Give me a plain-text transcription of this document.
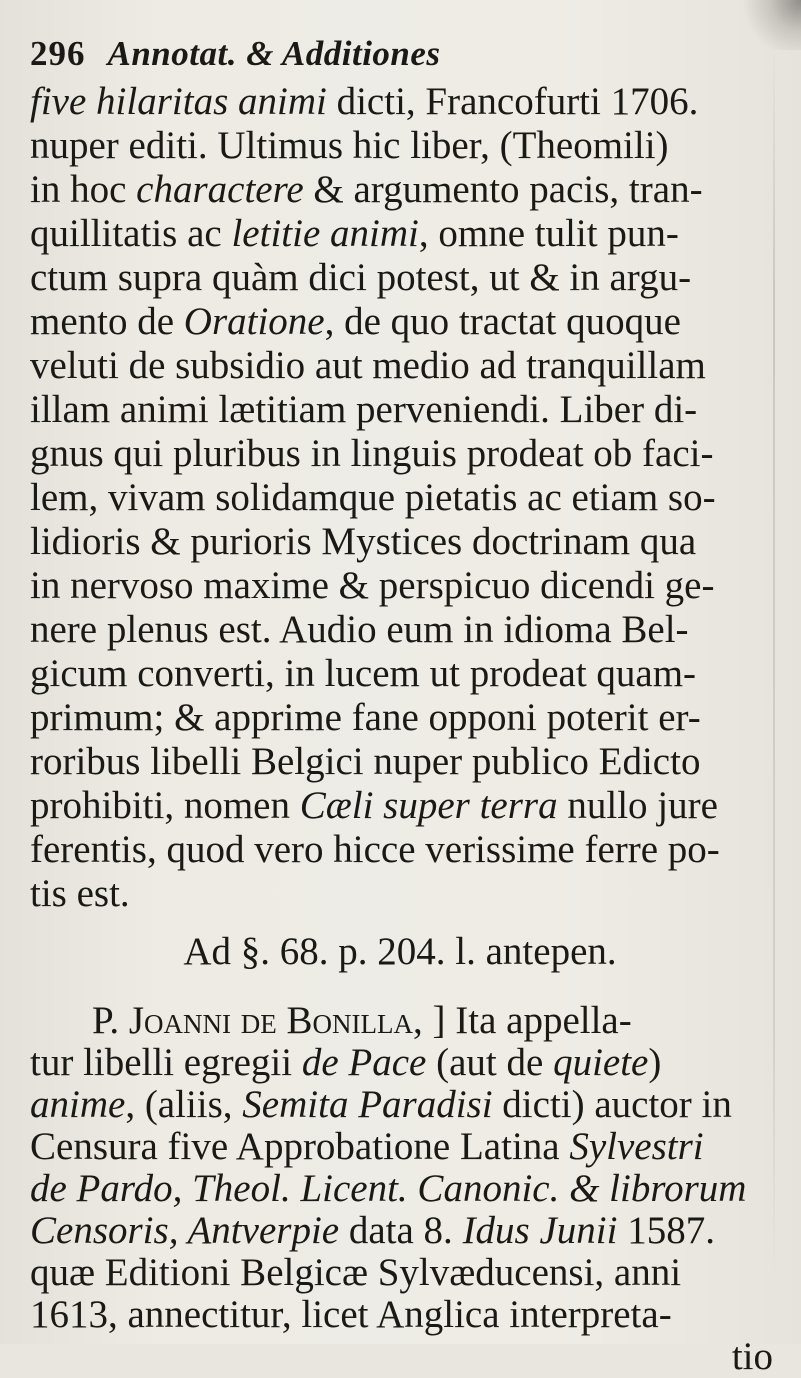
296 Annotat. & Additiones
five hilaritas animi dicti, Francofurti 1706.
nuper editi. Ultimus hic liber, (Theomili)
in hoc charactere & argumento pacis, tran-
quillitatis ac letitie animi, omne tulit pun-
ctum supra quàm dici potest, ut & in argu-
mento de Oratione, de quo tractat quoque
veluti de subsidio aut medio ad tranquillam
illam animi lætitiam perveniendi. Liber di-
gnus qui pluribus in linguis prodeat ob faci-
lem, vivam solidamque pietatis ac etiam so-
lidioris & purioris Mystices doctrinam qua
in nervoso maxime & perspicuo dicendi ge-
nere plenus est. Audio eum in idioma Bel-
gicum converti, in lucem ut prodeat quam-
primum; & apprime fane opponi poterit er-
roribus libelli Belgici nuper publico Edicto
prohibiti, nomen Cæli super terra nullo jure
ferentis, quod vero hicce verissime ferre po-
tis est.
Ad §. 68. p. 204. l. antepen.
P. Joanni de Bonilla, ] Ita appella-
tur libelli egregii de Pace (aut de quiete)
anime, (aliis, Semita Paradisi dicti) auctor in
Censura five Approbatione Latina Sylvestri
de Pardo, Theol. Licent. Canonic. & librorum
Censoris, Antverpie data 8. Idus Junii 1587.
quæ Editioni Belgicæ Sylvæducensi, anni
1613, annectitur, licet Anglica interpreta-
tio
